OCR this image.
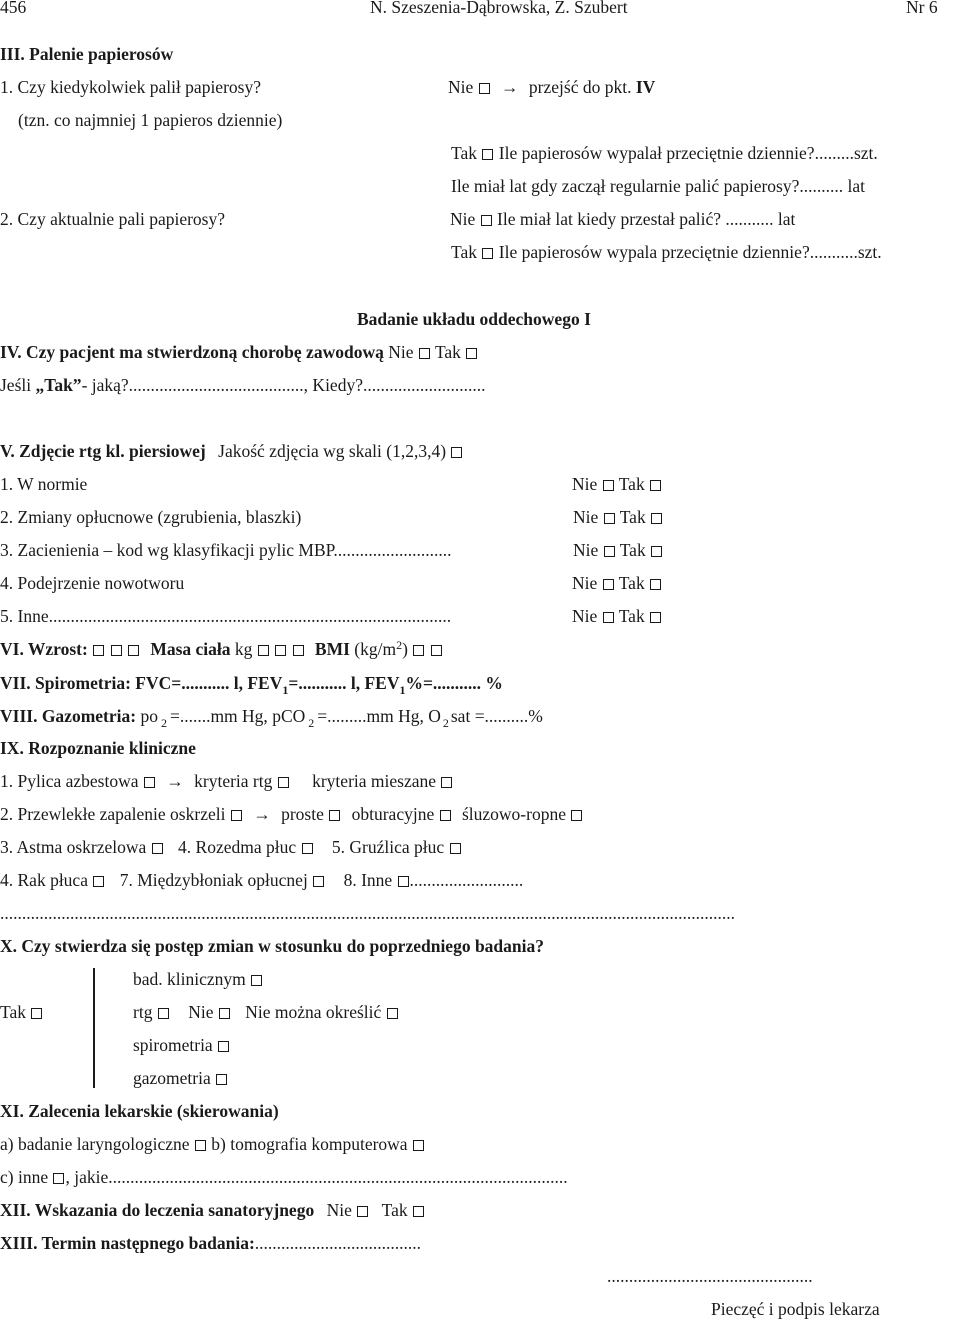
456	N. Szeszenia-Dąbrowska, Z. Szubert	Nr 6
III. Palenie papierosów
1. Czy kiedykolwiek palił papierosy?	Nie → przejść do pkt. IV
(tzn. co najmniej 1 papieros dziennie)
Tak Ile papierosów wypalał przeciętnie dziennie?.........szt.
Ile miał lat gdy zaczął regularnie palić papierosy?.......... lat
2. Czy aktualnie pali papierosy?	Nie Ile miał lat kiedy przestał palić? ........... lat
Tak Ile papierosów wypala przeciętnie dziennie?...........szt.
Badanie układu oddechowego I
IV. Czy pacjent ma stwierdzoną chorobę zawodową Nie Tak
Jeśli „Tak”- jaką?........................................, Kiedy?............................
V. Zdjęcie rtg kl. piersiowej Jakość zdjęcia wg skali (1,2,3,4)
1. W normie	Nie Tak
2. Zmiany opłucnowe (zgrubienia, blaszki)	Nie Tak
3. Zacienienia – kod wg klasyfikacji pylic MBP...........................	Nie Tak
4. Podejrzenie nowotworu	Nie Tak
5. Inne............................................................................................	Nie Tak
VI. Wzrost:	Masa ciała kg	BMI $(kg/m^2)$
VII. Spirometria: FVC=........... l, $FEV_1=$........... l, $FEV_1\%=$........... %
VIII. Gazometria: po $_2$ =.......mm Hg, pCO $_2$ =.........mm Hg, O $_2$ sat =..........%
IX. Rozpoznanie kliniczne
1. Pylica azbestowa → kryteria rtg kryteria mieszane
2. Przewlekłe zapalenie oskrzeli → proste obturacyjne śluzowo-ropne
3. Astma oskrzelowa 4. Rozedma płuc 5. Gruźlica płuc
4. Rak płuca 7. Międzybłoniak opłucnej 8. Inne ..........................
........................................................................................................................................................................
X. Czy stwierdza się postęp zmian w stosunku do poprzedniego badania?
bad. klinicznym
Tak	rtg Nie Nie można określić
spirometria
gazometria
XI. Zalecenia lekarskie (skierowania)
a) badanie laryngologiczne b) tomografia komputerowa
c) inne , jakie.........................................................................................................
XII. Wskazania do leczenia sanatoryjnego Nie Tak
XIII. Termin następnego badania:......................................
...............................................
Pieczęć i podpis lekarza
